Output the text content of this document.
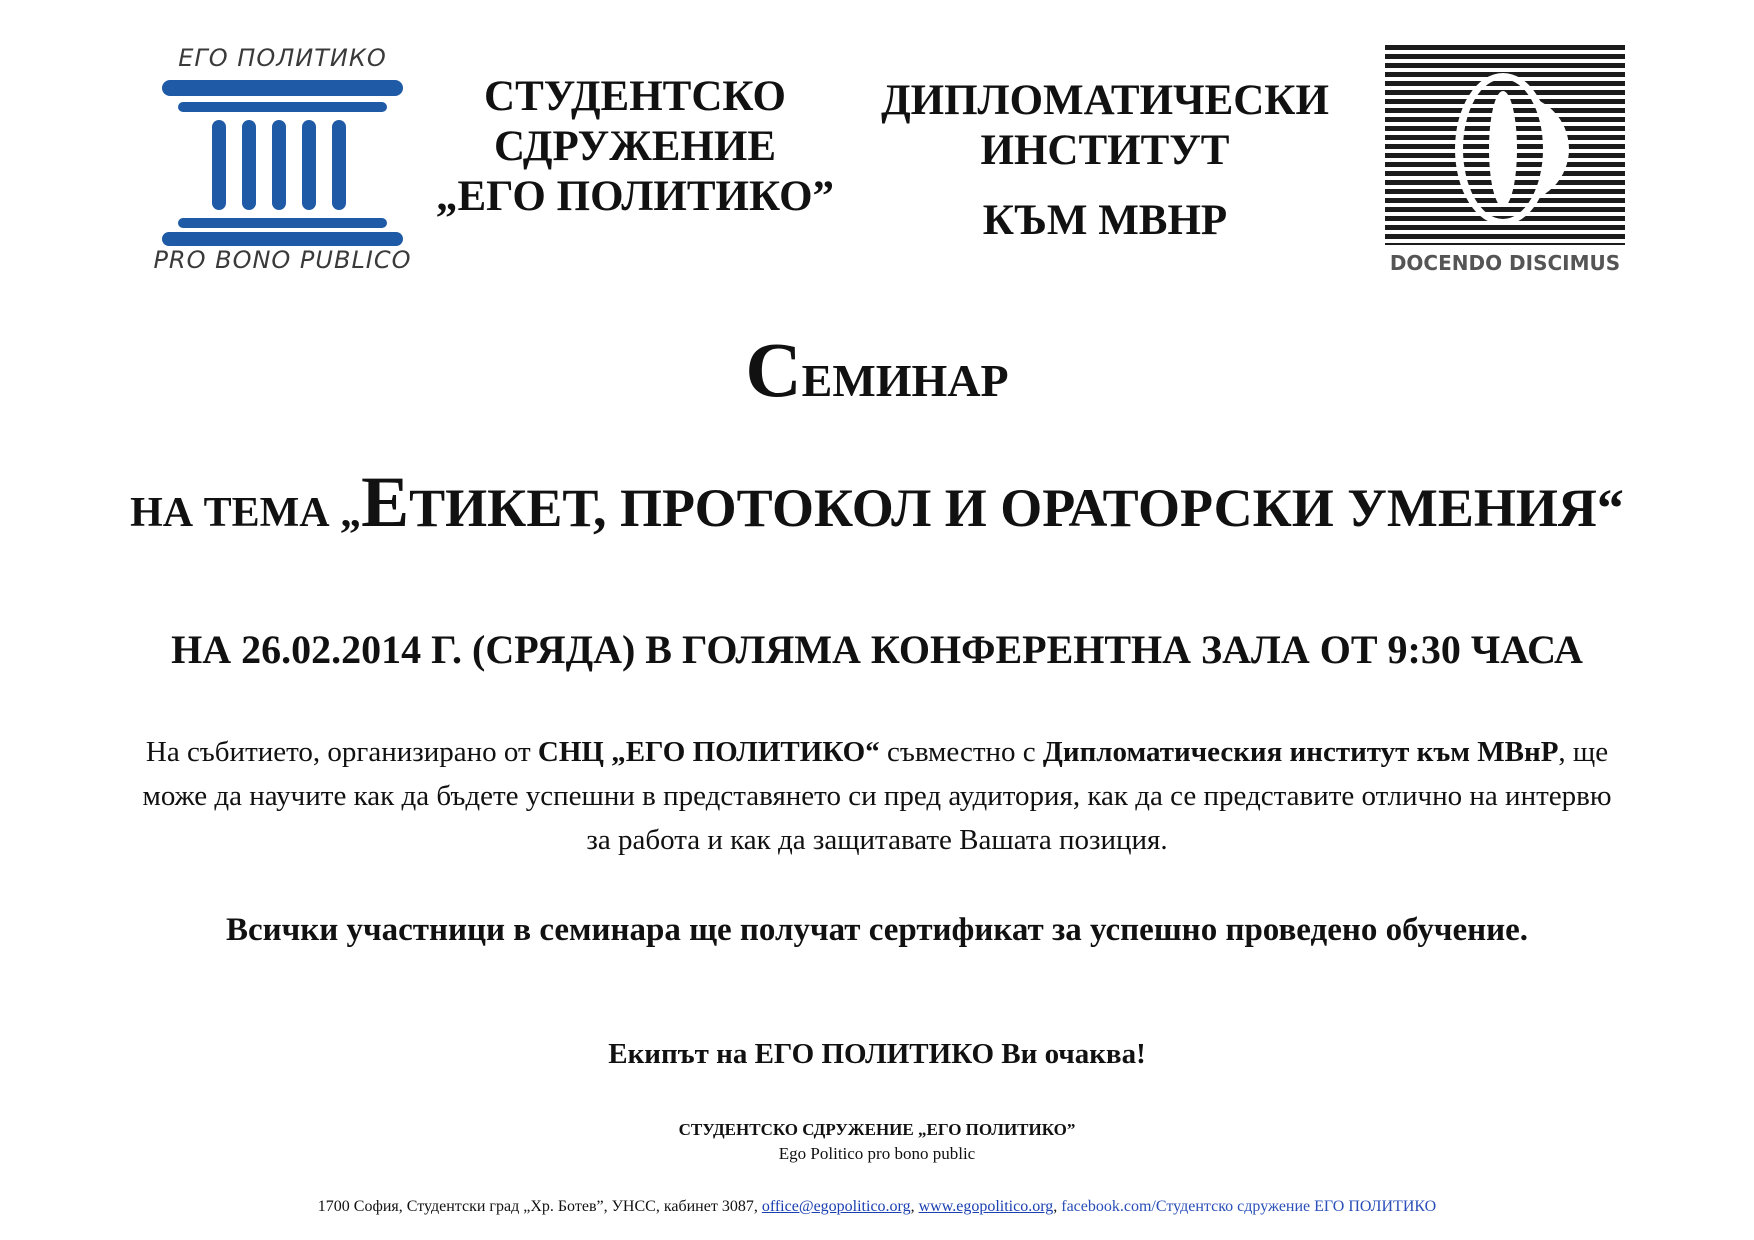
ЕГО ПОЛИТИКО
PRO BONO PUBLICO
СТУДЕНТСКО
СДРУЖЕНИЕ
„ЕГО ПОЛИТИКО”
ДИПЛОМАТИЧЕСКИ
ИНСТИТУТ
КЪМ МВНР
DOCENDO DISCIMUS
СЕМИНАР
НА ТЕМА „ЕТИКЕТ, ПРОТОКОЛ И ОРАТОРСКИ УМЕНИЯ“
НА 26.02.2014 Г. (СРЯДА) В ГОЛЯМА КОНФЕРЕНТНА ЗАЛА ОТ 9:30 ЧАСА
На събитието, организирано от СНЦ „ЕГО ПОЛИТИКО“ съвместно с Дипломатическия институт към МВнР, ще може да научите как да бъдете успешни в представянето си пред аудитория, как да се представите отлично на интервю за работа и как да защитавате Вашата позиция.
Всички участници в семинара ще получат сертификат за успешно проведено обучение.
Екипът на ЕГО ПОЛИТИКО Ви очаква!
СТУДЕНТСКО СДРУЖЕНИЕ „ЕГО ПОЛИТИКО”
Ego Politico pro bono public
1700 София, Студентски град „Хр. Ботев”, УНСС, кабинет 3087, office@egopolitico.org, www.egopolitico.org, facebook.com/Студентско сдружение ЕГО ПОЛИТИКО
